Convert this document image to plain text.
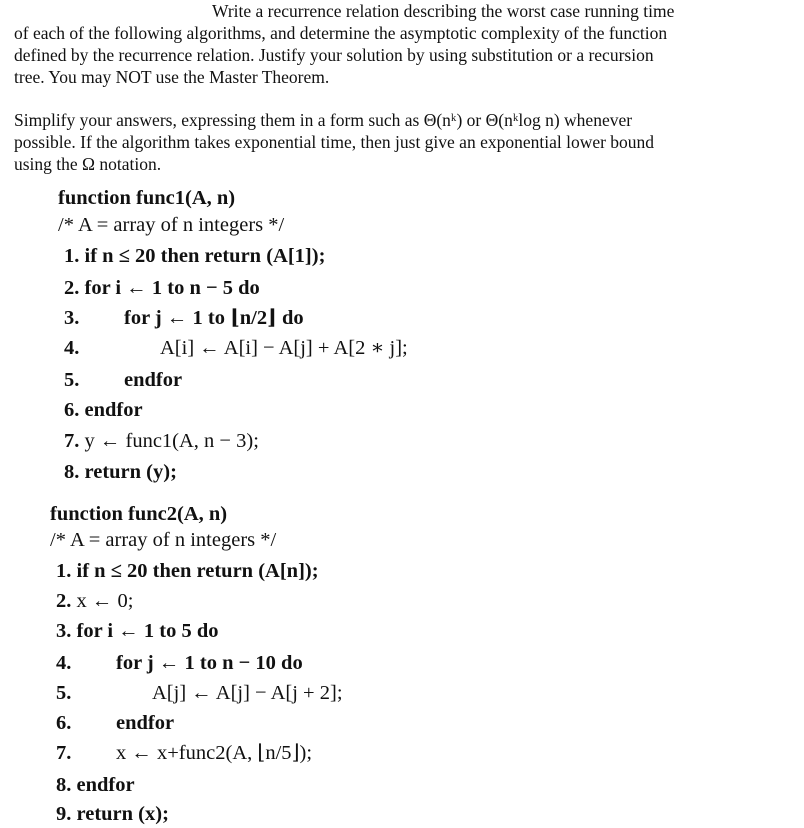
Write a recurrence relation describing the worst case running time
of each of the following algorithms, and determine the asymptotic complexity of the function
defined by the recurrence relation. Justify your solution by using substitution or a recursion
tree. You may NOT use the Master Theorem.
Simplify your answers, expressing them in a form such as Θ(nᵏ) or Θ(nᵏlog n) whenever
possible. If the algorithm takes exponential time, then just give an exponential lower bound
using the Ω notation.
function func1(A, n)
/* A = array of n integers */
1. if n ≤ 20 then return (A[1]);
2. for i ← 1 to n − 5 do
3. for j ← 1 to ⌊n/2⌋ do
4.	A[i] ← A[i] − A[j] + A[2 ∗ j];
5. endfor
6. endfor
7. y ← func1(A, n − 3);
8. return (y);
function func2(A, n)
/* A = array of n integers */
1. if n ≤ 20 then return (A[n]);
2. x ← 0;
3. for i ← 1 to 5 do
4. for j ← 1 to n − 10 do
5.	A[j] ← A[j] − A[j + 2];
6. endfor
7. x ← x+func2(A, ⌊n/5⌋);
8. endfor
9. return (x);
